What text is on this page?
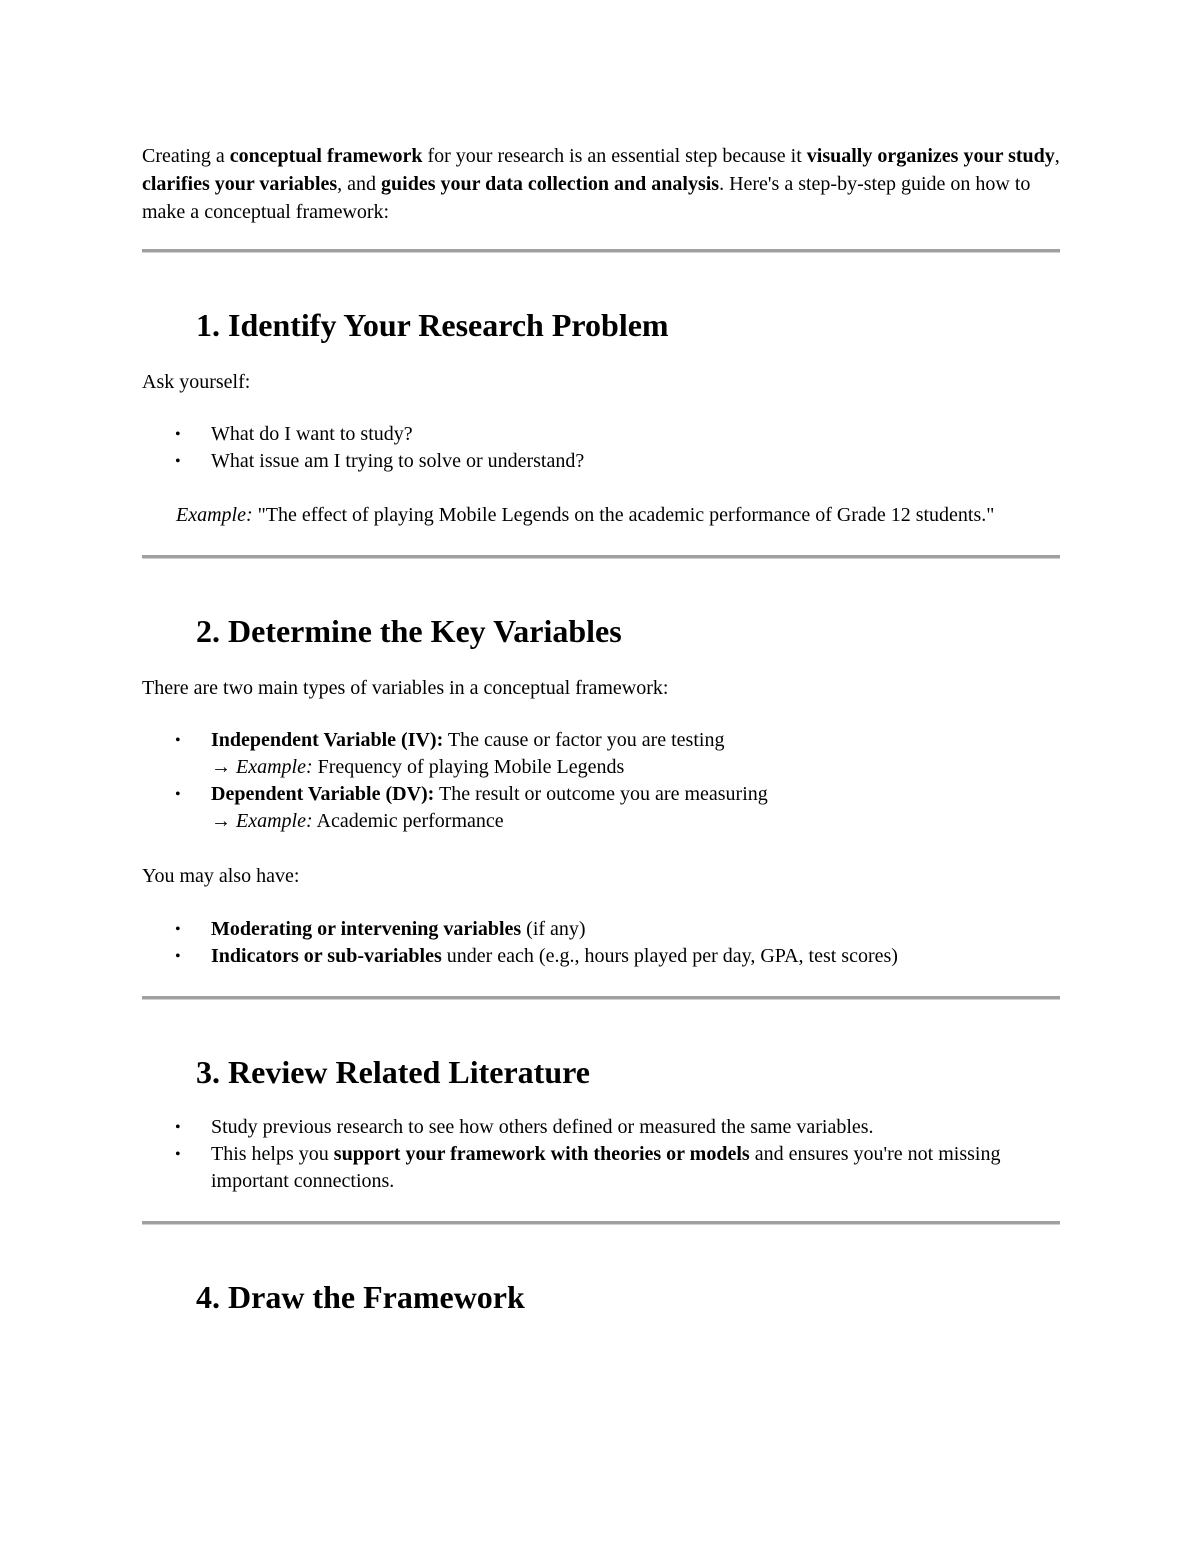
Creating a conceptual framework for your research is an essential step because it visually organizes your study, clarifies your variables, and guides your data collection and analysis. Here's a step-by-step guide on how to make a conceptual framework:

1. Identify Your Research Problem

Ask yourself:

• What do I want to study?
• What issue am I trying to solve or understand?

Example: "The effect of playing Mobile Legends on the academic performance of Grade 12 students."

2. Determine the Key Variables

There are two main types of variables in a conceptual framework:

• Independent Variable (IV): The cause or factor you are testing
→ Example: Frequency of playing Mobile Legends
• Dependent Variable (DV): The result or outcome you are measuring
→ Example: Academic performance

You may also have:

• Moderating or intervening variables (if any)
• Indicators or sub-variables under each (e.g., hours played per day, GPA, test scores)
3. Review Related Literature
• Study previous research to see how others defined or measured the same variables.
• This helps you support your framework with theories or models and ensures you're not missing important connections.
4. Draw the Framework
